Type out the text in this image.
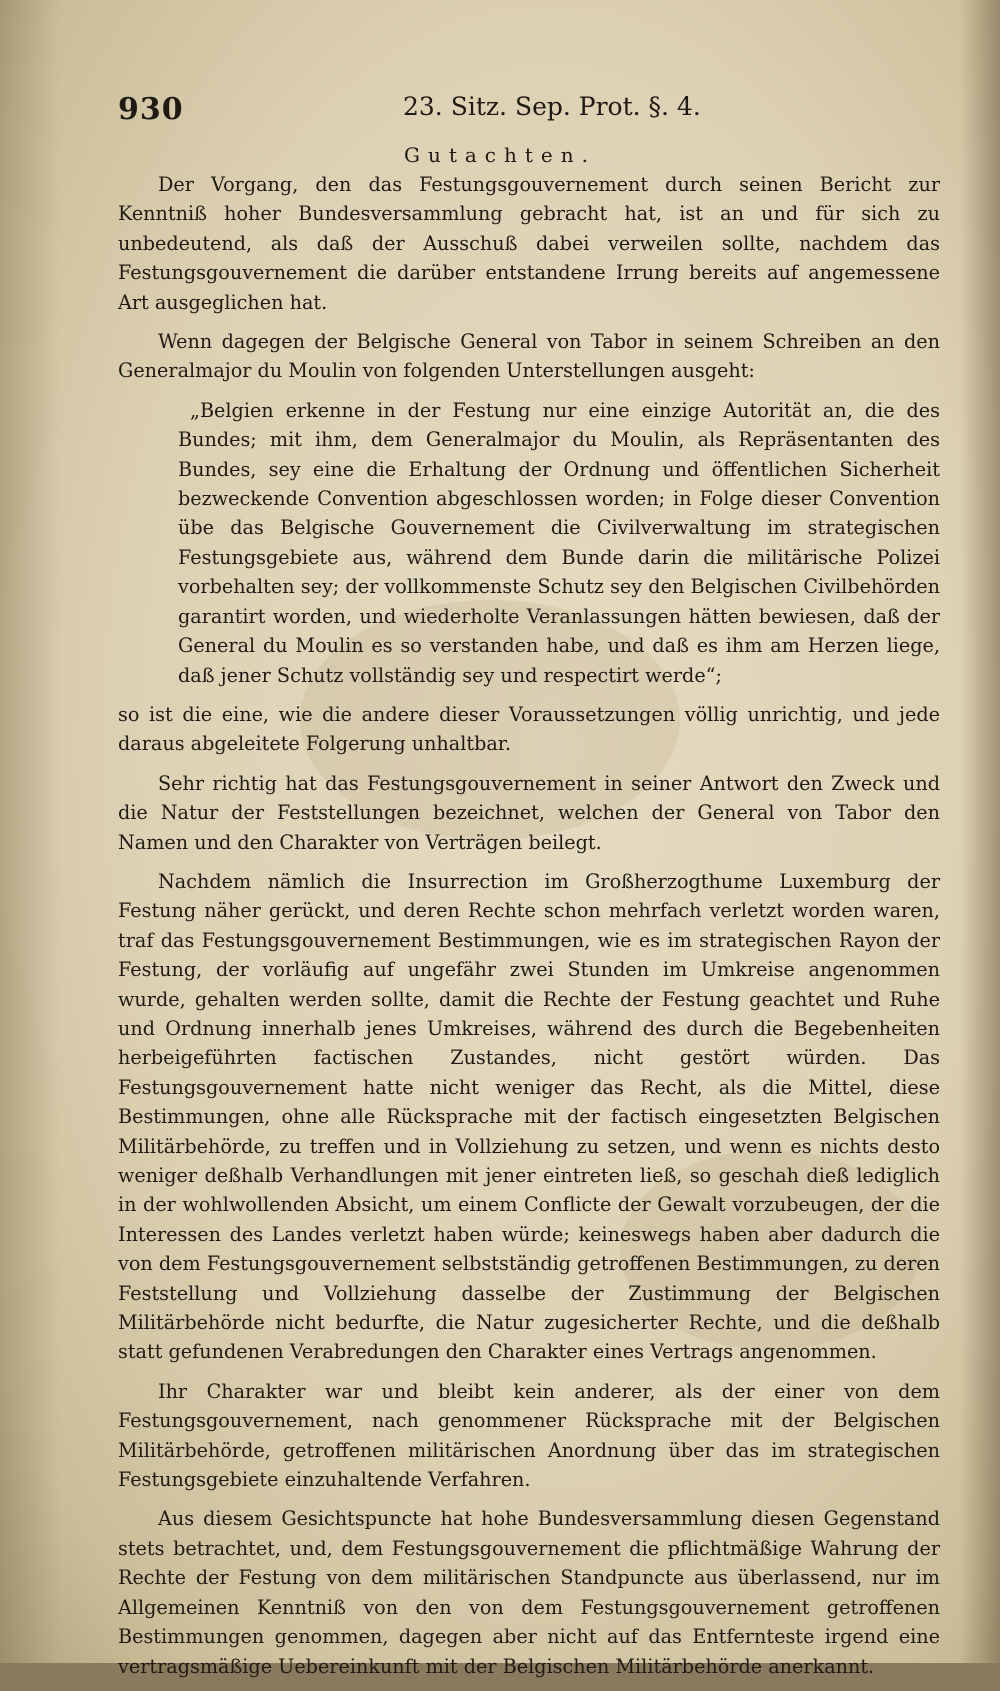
930	23. Sitz. Sep. Prot. §. 4.
Gutachten.

Der Vorgang, den das Festungsgouvernement durch seinen Bericht zur Kenntniß hoher Bundesversammlung gebracht hat, ist an und für sich zu unbedeutend, als daß der Ausschuß dabei verweilen sollte, nachdem das Festungsgouvernement die darüber entstandene Irrung bereits auf angemessene Art ausgeglichen hat.

Wenn dagegen der Belgische General von Tabor in seinem Schreiben an den Generalmajor du Moulin von folgenden Unterstellungen ausgeht:

„Belgien erkenne in der Festung nur eine einzige Autorität an, die des Bundes; mit ihm, dem Generalmajor du Moulin, als Repräsentanten des Bundes, sey eine die Erhaltung der Ordnung und öffentlichen Sicherheit bezweckende Convention abgeschlossen worden; in Folge dieser Convention übe das Belgische Gouvernement die Civilverwaltung im strategischen Festungsgebiete aus, während dem Bunde darin die militärische Polizei vorbehalten sey; der vollkommenste Schutz sey den Belgischen Civilbehörden garantirt worden, und wiederholte Veranlassungen hätten bewiesen, daß der General du Moulin es so verstanden habe, und daß es ihm am Herzen liege, daß jener Schutz vollständig sey und respectirt werde“;

so ist die eine, wie die andere dieser Voraussetzungen völlig unrichtig, und jede daraus abgeleitete Folgerung unhaltbar.

Sehr richtig hat das Festungsgouvernement in seiner Antwort den Zweck und die Natur der Feststellungen bezeichnet, welchen der General von Tabor den Namen und den Charakter von Verträgen beilegt.

Nachdem nämlich die Insurrection im Großherzogthume Luxemburg der Festung näher gerückt, und deren Rechte schon mehrfach verletzt worden waren, traf das Festungsgouvernement Bestimmungen, wie es im strategischen Rayon der Festung, der vorläufig auf ungefähr zwei Stunden im Umkreise angenommen wurde, gehalten werden sollte, damit die Rechte der Festung geachtet und Ruhe und Ordnung innerhalb jenes Umkreises, während des durch die Begebenheiten herbeigeführten factischen Zustandes, nicht gestört würden. Das Festungsgouvernement hatte nicht weniger das Recht, als die Mittel, diese Bestimmungen, ohne alle Rücksprache mit der factisch eingesetzten Belgischen Militärbehörde, zu treffen und in Vollziehung zu setzen, und wenn es nichts desto weniger deßhalb Verhandlungen mit jener eintreten ließ, so geschah dieß lediglich in der wohlwollenden Absicht, um einem Conflicte der Gewalt vorzubeugen, der die Interessen des Landes verletzt haben würde; keineswegs haben aber dadurch die von dem Festungsgouvernement selbstständig getroffenen Bestimmungen, zu deren Feststellung und Vollziehung dasselbe der Zustimmung der Belgischen Militärbehörde nicht bedurfte, die Natur zugesicherter Rechte, und die deßhalb statt gefundenen Verabredungen den Charakter eines Vertrags angenommen.

Ihr Charakter war und bleibt kein anderer, als der einer von dem Festungsgouvernement, nach genommener Rücksprache mit der Belgischen Militärbehörde, getroffenen militärischen Anordnung über das im strategischen Festungsgebiete einzuhaltende Verfahren.

Aus diesem Gesichtspuncte hat hohe Bundesversammlung diesen Gegenstand stets betrachtet, und, dem Festungsgouvernement die pflichtmäßige Wahrung der Rechte der Festung von dem militärischen Standpuncte aus überlassend, nur im Allgemeinen Kenntniß von den von dem Festungsgouvernement getroffenen Bestimmungen genommen, dagegen aber nicht auf das Entfernteste irgend eine vertragsmäßige Uebereinkunft mit der Belgischen Militärbehörde anerkannt.
